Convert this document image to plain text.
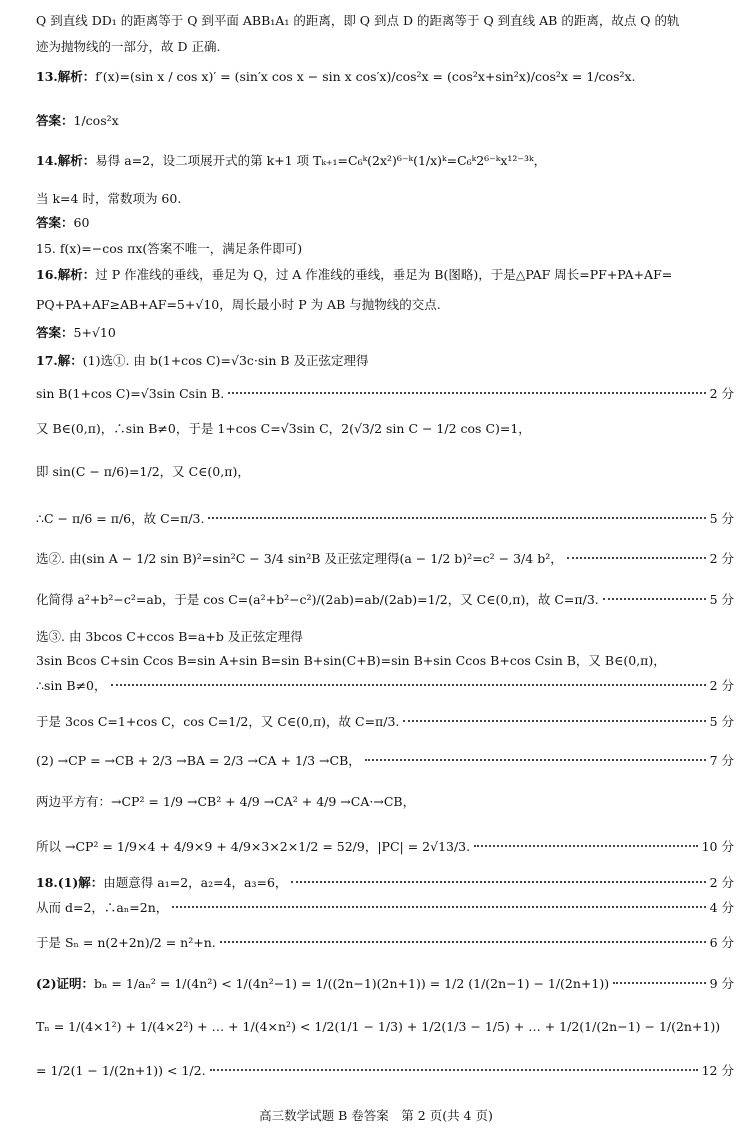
Q 到直线 DD₁ 的距离等于 Q 到平面 ABB₁A₁ 的距离，即 Q 到点 D 的距离等于 Q 到直线 AB 的距离，故点 Q 的轨
迹为抛物线的一部分，故 D 正确.
13.解析：f′(x)=(sin x / cos x)′ = (sin′x cos x − sin x cos′x)/cos²x = (cos²x+sin²x)/cos²x = 1/cos²x.
答案：1/cos²x
14.解析：易得 a=2，设二项展开式的第 k+1 项 Tₖ₊₁=C₆ᵏ(2x²)⁶⁻ᵏ(1/x)ᵏ=C₆ᵏ2⁶⁻ᵏx¹²⁻³ᵏ，
当 k=4 时，常数项为 60.
答案：60
15. f(x)=−cos πx(答案不唯一，满足条件即可)
16.解析：过 P 作准线的垂线，垂足为 Q，过 A 作准线的垂线，垂足为 B(图略)，于是△PAF 周长=PF+PA+AF=
PQ+PA+AF≥AB+AF=5+√10，周长最小时 P 为 AB 与抛物线的交点.
答案：5+√10
17.解：(1)选①. 由 b(1+cos C)=√3c·sin B 及正弦定理得
sin B(1+cos C)=√3sin Csin B.	2 分
又 B∈(0,π)，∴sin B≠0，于是 1+cos C=√3sin C，2(√3/2 sin C − 1/2 cos C)=1，
即 sin(C − π/6)=1/2，又 C∈(0,π)，
∴C − π/6 = π/6，故 C=π/3.	5 分
选②. 由(sin A − 1/2 sin B)²=sin²C − 3/4 sin²B 及正弦定理得(a − 1/2 b)²=c² − 3/4 b²，	2 分
化简得 a²+b²−c²=ab，于是 cos C=(a²+b²−c²)/(2ab)=ab/(2ab)=1/2，又 C∈(0,π)，故 C=π/3.	5 分
选③. 由 3bcos C+ccos B=a+b 及正弦定理得
3sin Bcos C+sin Ccos B=sin A+sin B=sin B+sin(C+B)=sin B+sin Ccos B+cos Csin B，又 B∈(0,π)，
∴sin B≠0，	2 分
于是 3cos C=1+cos C，cos C=1/2，又 C∈(0,π)，故 C=π/3.	5 分
(2) →CP = →CB + 2/3 →BA = 2/3 →CA + 1/3 →CB，	7 分
两边平方有：→CP² = 1/9 →CB² + 4/9 →CA² + 4/9 →CA·→CB，
所以 →CP² = 1/9×4 + 4/9×9 + 4/9×3×2×1/2 = 52/9，|PC| = 2√13/3.	10 分
18.(1)解：由题意得 a₁=2，a₂=4，a₃=6，	2 分
从而 d=2，∴aₙ=2n，	4 分
于是 Sₙ = n(2+2n)/2 = n²+n.	6 分
(2)证明：bₙ = 1/aₙ² = 1/(4n²) < 1/(4n²−1) = 1/((2n−1)(2n+1)) = 1/2 (1/(2n−1) − 1/(2n+1))	9 分
Tₙ = 1/(4×1²) + 1/(4×2²) + … + 1/(4×n²) < 1/2(1/1 − 1/3) + 1/2(1/3 − 1/5) + … + 1/2(1/(2n−1) − 1/(2n+1))
= 1/2(1 − 1/(2n+1)) < 1/2.	12 分
高三数学试题 B 卷答案　第 2 页(共 4 页)
